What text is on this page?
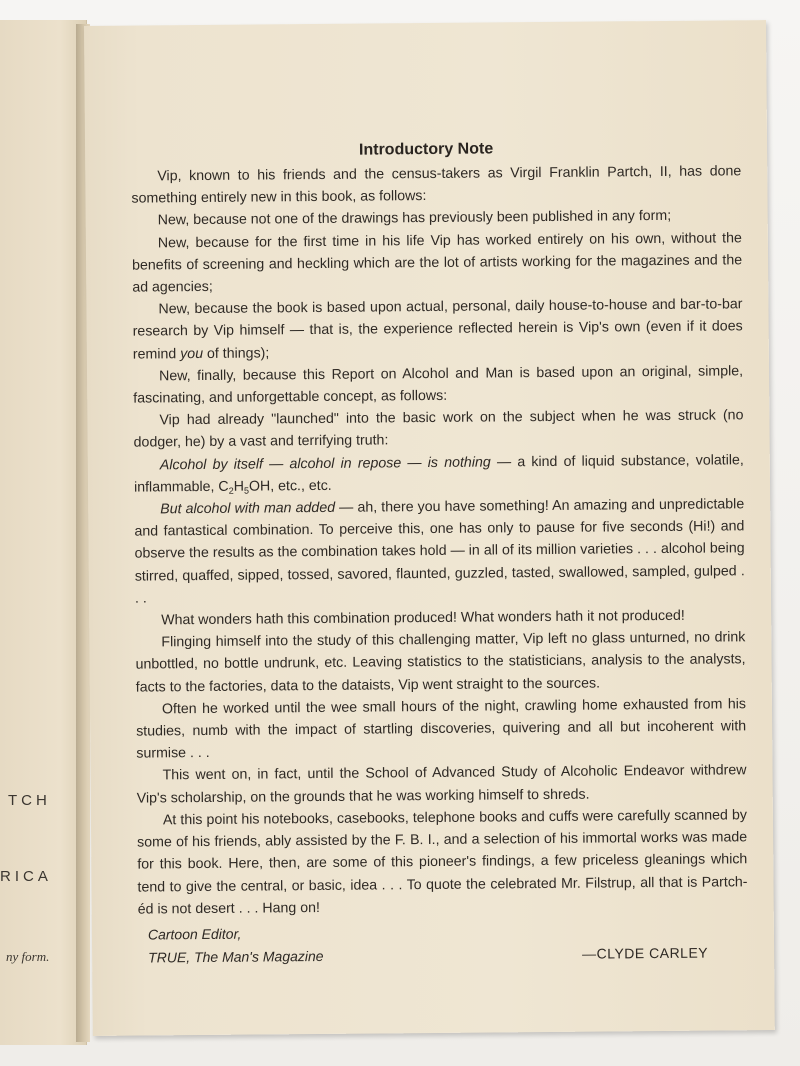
TCH
RICA
ny form.
Introductory Note

Vip, known to his friends and the census-takers as Virgil Franklin Partch, II, has done something entirely new in this book, as follows:

New, because not one of the drawings has previously been published in any form;

New, because for the first time in his life Vip has worked entirely on his own, without the benefits of screening and heckling which are the lot of artists working for the magazines and the ad agencies;

New, because the book is based upon actual, personal, daily house-to-house and bar-to-bar research by Vip himself — that is, the experience reflected herein is Vip's own (even if it does remind you of things);

New, finally, because this Report on Alcohol and Man is based upon an original, simple, fascinating, and unforgettable concept, as follows:

Vip had already "launched" into the basic work on the subject when he was struck (no dodger, he) by a vast and terrifying truth:

Alcohol by itself — alcohol in repose — is nothing — a kind of liquid substance, volatile, inflammable, $C_2H_5OH$, etc., etc.

But alcohol with man added — ah, there you have something! An amazing and unpredictable and fantastical combination. To perceive this, one has only to pause for five seconds (Hi!) and observe the results as the combination takes hold — in all of its million varieties . . . alcohol being stirred, quaffed, sipped, tossed, savored, flaunted, guzzled, tasted, swallowed, sampled, gulped . . .

What wonders hath this combination produced! What wonders hath it not produced!

Flinging himself into the study of this challenging matter, Vip left no glass unturned, no drink unbottled, no bottle undrunk, etc. Leaving statistics to the statisticians, analysis to the analysts, facts to the factories, data to the dataists, Vip went straight to the sources.

Often he worked until the wee small hours of the night, crawling home exhausted from his studies, numb with the impact of startling discoveries, quivering and all but incoherent with surmise . . .

This went on, in fact, until the School of Advanced Study of Alcoholic Endeavor withdrew Vip's scholarship, on the grounds that he was working himself to shreds.

At this point his notebooks, casebooks, telephone books and cuffs were carefully scanned by some of his friends, ably assisted by the F. B. I., and a selection of his immortal works was made for this book. Here, then, are some of this pioneer's findings, a few priceless gleanings which tend to give the central, or basic, idea . . . To quote the celebrated Mr. Filstrup, all that is Partch-éd is not desert . . . Hang on!

Cartoon Editor,
TRUE, The Man's Magazine	—CLYDE CARLEY
